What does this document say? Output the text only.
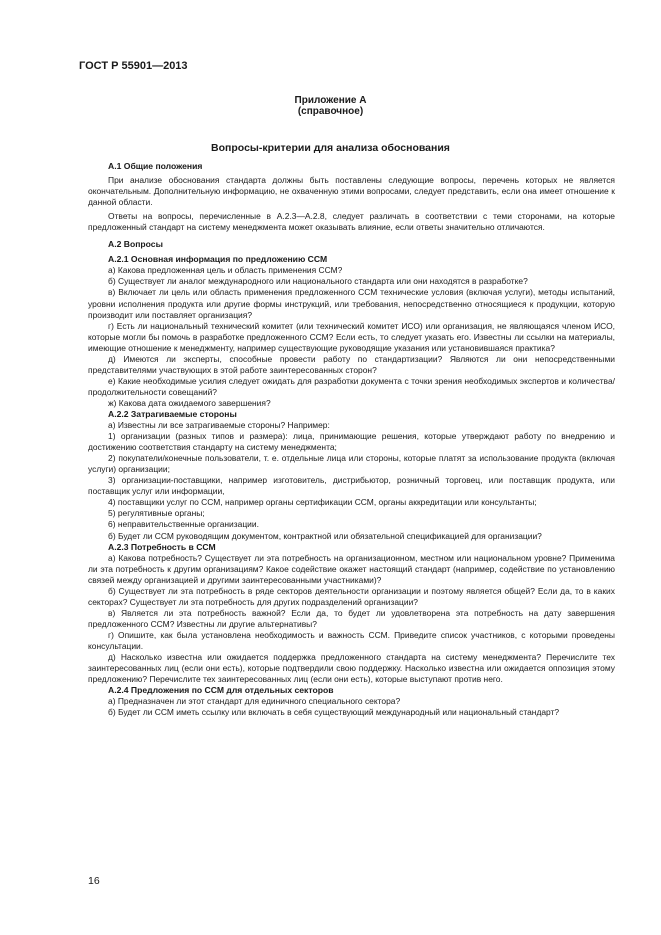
ГОСТ Р 55901—2013
Приложение А
(справочное)
Вопросы-критерии для анализа обоснования
А.1 Общие положения

При анализе обоснования стандарта должны быть поставлены следующие вопросы, перечень которых не является окончательным. Дополнительную информацию, не охваченную этими вопросами, следует представить, если она имеет отношение к данной области.

Ответы на вопросы, перечисленные в А.2.3—А.2.8, следует различать в соответствии с теми сторонами, на которые предложенный стандарт на систему менеджмента может оказывать влияние, если ответы значительно отличаются.

А.2 Вопросы
А.2.1 Основная информация по предложению ССМ

а) Какова предложенная цель и область применения ССМ?

б) Существует ли аналог международного или национального стандарта или они находятся в разработке?

в) Включает ли цель или область применения предложенного ССМ технические условия (включая услуги), методы испытаний, уровни исполнения продукта или другие формы инструкций, или требования, непосредственно относящиеся к продукции, которую производит или поставляет организация?

г) Есть ли национальный технический комитет (или технический комитет ИСО) или организация, не являющаяся членом ИСО, которые могли бы помочь в разработке предложенного ССМ? Если есть, то следует указать его. Известны ли ссылки на материалы, имеющие отношение к менеджменту, например существующие руководящие указания или установившаяся практика?

д) Имеются ли эксперты, способные провести работу по стандартизации? Являются ли они непосредственными представителями участвующих в этой работе заинтересованных сторон?

е) Какие необходимые усилия следует ожидать для разработки документа с точки зрения необходимых экспертов и количества/продолжительности совещаний?

ж) Какова дата ожидаемого завершения?

А.2.2 Затрагиваемые стороны

а) Известны ли все затрагиваемые стороны? Например:

1) организации (разных типов и размера): лица, принимающие решения, которые утверждают работу по внедрению и достижению соответствия стандарту на систему менеджмента;

2) покупатели/конечные пользователи, т. е. отдельные лица или стороны, которые платят за использование продукта (включая услуги) организации;

3) организации-поставщики, например изготовитель, дистрибьютор, розничный торговец, или поставщик продукта, или поставщик услуг или информации,

4) поставщики услуг по ССМ, например органы сертификации ССМ, органы аккредитации или консультанты;

5) регулятивные органы;

6) неправительственные организации.

б) Будет ли ССМ руководящим документом, контрактной или обязательной спецификацией для организации?

А.2.3 Потребность в ССМ

а) Какова потребность? Существует ли эта потребность на организационном, местном или национальном уровне? Применима ли эта потребность к другим организациям? Какое содействие окажет настоящий стандарт (например, содействие по установлению связей между организацией и другими заинтересованными участниками)?

б) Существует ли эта потребность в ряде секторов деятельности организации и поэтому является общей? Если да, то в каких секторах? Существует ли эта потребность для других подразделений организации?

в) Является ли эта потребность важной? Если да, то будет ли удовлетворена эта потребность на дату завершения предложенного ССМ? Известны ли другие альтернативы?

г) Опишите, как была установлена необходимость и важность ССМ. Приведите список участников, с которыми проведены консультации.

д) Насколько известна или ожидается поддержка предложенного стандарта на систему менеджмента? Перечислите тех заинтересованных лиц (если они есть), которые подтвердили свою поддержку. Насколько известна или ожидается оппозиция этому предложению? Перечислите тех заинтересованных лиц (если они есть), которые выступают против него.

А.2.4 Предложения по ССМ для отдельных секторов

а) Предназначен ли этот стандарт для единичного специального сектора?

б) Будет ли ССМ иметь ссылку или включать в себя существующий международный или национальный стандарт?

16
